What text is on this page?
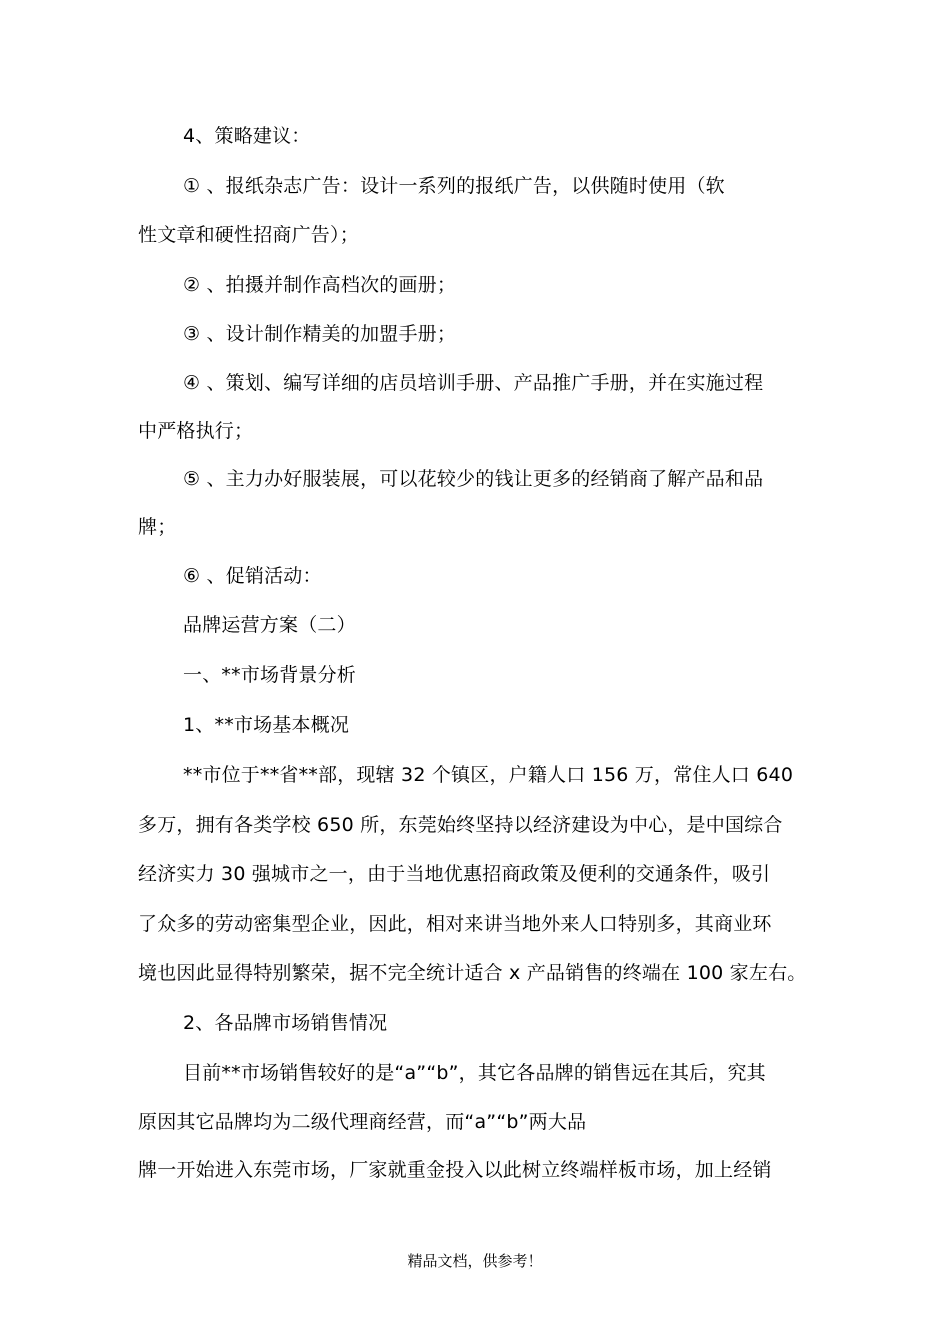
4、策略建议：
① 、报纸杂志广告：设计一系列的报纸广告，以供随时使用（软
性文章和硬性招商广告）；
② 、拍摄并制作高档次的画册；
③ 、设计制作精美的加盟手册；
④ 、策划、编写详细的店员培训手册、产品推广手册，并在实施过程
中严格执行；
⑤ 、主力办好服装展，可以花较少的钱让更多的经销商了解产品和品
牌；
⑥ 、促销活动：
品牌运营方案（二）
一、**市场背景分析
1、**市场基本概况
**市位于**省**部，现辖 32 个镇区，户籍人口 156 万，常住人口 640
多万，拥有各类学校 650 所，东莞始终坚持以经济建设为中心，是中国综合
经济实力 30 强城市之一，由于当地优惠招商政策及便利的交通条件，吸引
了众多的劳动密集型企业，因此，相对来讲当地外来人口特别多，其商业环
境也因此显得特别繁荣，据不完全统计适合 x 产品销售的终端在 100 家左右。
2、各品牌市场销售情况
目前**市场销售较好的是“a”“b”，其它各品牌的销售远在其后，究其
原因其它品牌均为二级代理商经营，而“a”“b”两大品
牌一开始进入东莞市场，厂家就重金投入以此树立终端样板市场，加上经销
精品文档，供参考！
